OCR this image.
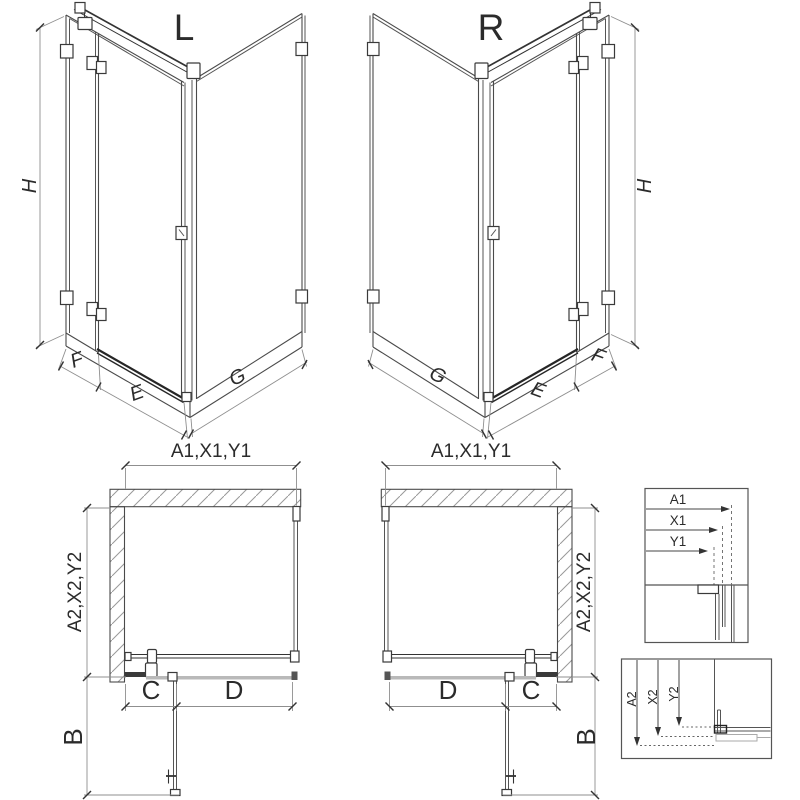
L
H
F
E
G
R
H
F
E
G
A1,X1,Y1
A2,X2,Y2
B
C D
A1,X1,Y1
A2,X2,Y2
B
C
D
A1
X1
Y1
A2 X2 Y2
